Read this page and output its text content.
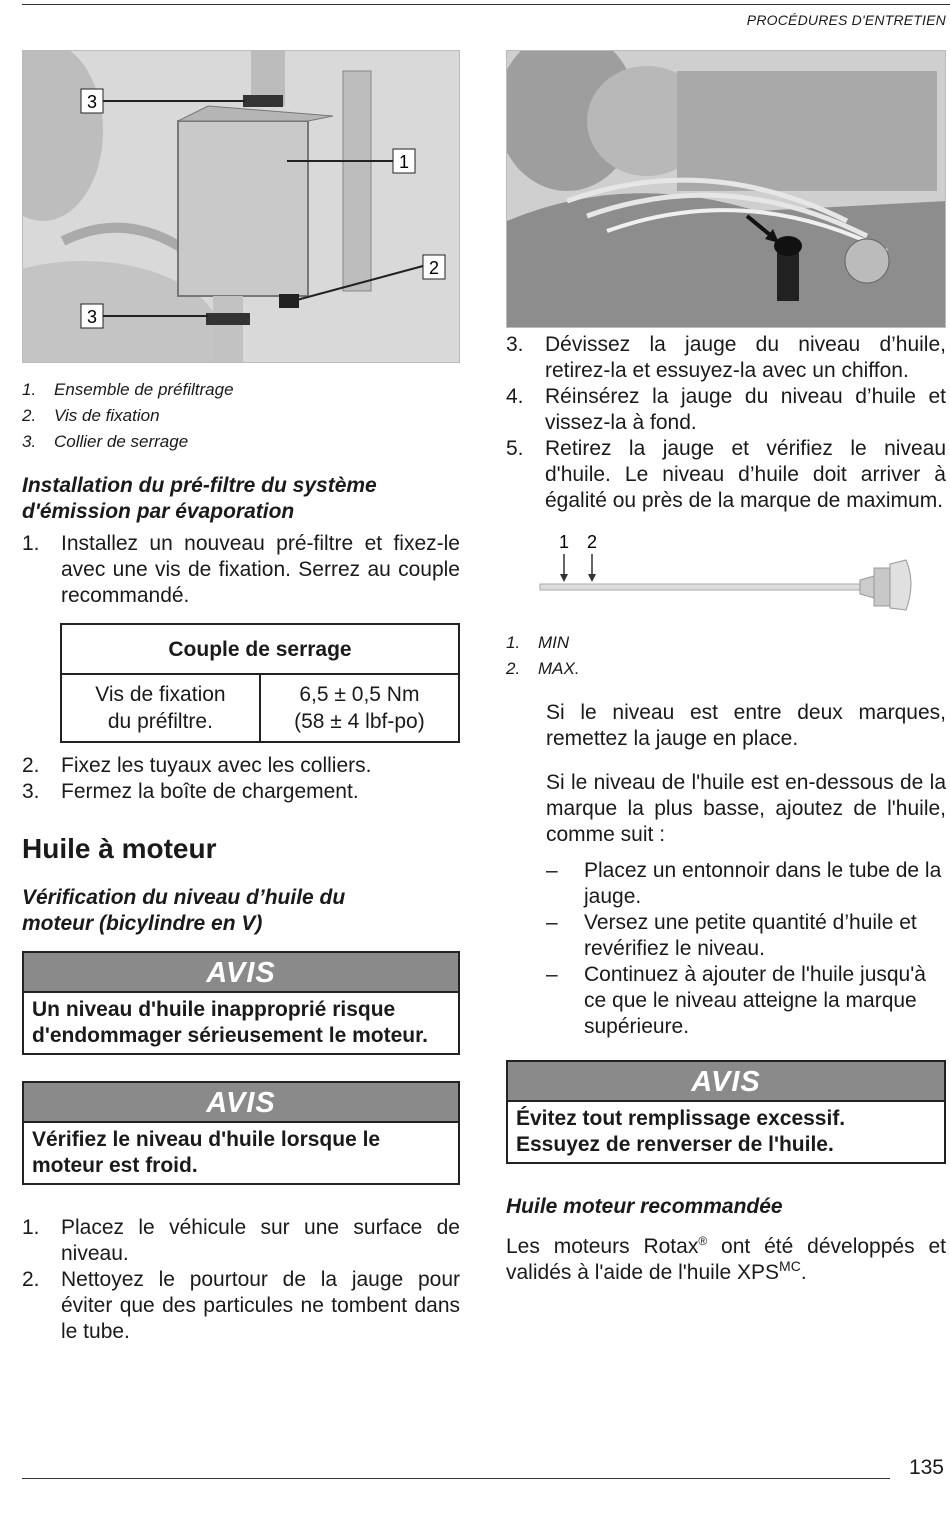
PROCÉDURES D'ENTRETIEN
1
2
3
3
1. Ensemble de préfiltrage
2. Vis de fixation
3. Collier de serrage
Installation du pré-filtre du système
d'émission par évaporation
1.	Installez un nouveau pré-filtre et fixez-le avec une vis de fixation. Serrez au couple recommandé.
Couple de serrage
Vis de fixation
du préfiltre.	6,5 ± 0,5 Nm
(58 ± 4 lbf-po)
2.	Fixez les tuyaux avec les colliers.
3.	Fermez la boîte de chargement.
Huile à moteur
Vérification du niveau d’huile du
moteur (bicylindre en V)
AVIS
Un niveau d'huile inapproprié risque d'endommager sérieusement le moteur.
AVIS
Vérifiez le niveau d'huile lorsque le moteur est froid.
1.	Placez le véhicule sur une surface de niveau.
2.	Nettoyez le pourtour de la jauge pour éviter que des particules ne tombent dans le tube.
3.	Dévissez la jauge du niveau d’huile, retirez-la et essuyez-la avec un chiffon.
4.	Réinsérez la jauge du niveau d’huile et vissez-la à fond.
5.	Retirez la jauge et vérifiez le niveau d'huile. Le niveau d’huile doit arriver à égalité ou près de la marque de maximum.
1 2
1. MIN
2. MAX.

Si le niveau est entre deux marques, remettez la jauge en place.

Si le niveau de l'huile est en-dessous de la marque la plus basse, ajoutez de l'huile, comme suit :

–	Placez un entonnoir dans le tube de la jauge.
–	Versez une petite quantité d’huile et revérifiez le niveau.
–	Continuez à ajouter de l'huile jusqu'à ce que le niveau atteigne la marque supérieure.
AVIS
Évitez tout remplissage excessif.
Essuyez de renverser de l'huile.
Huile moteur recommandée

Les moteurs Rotax® ont été développés et validés à l'aide de l'huile $XPS^{MC}$.

135
